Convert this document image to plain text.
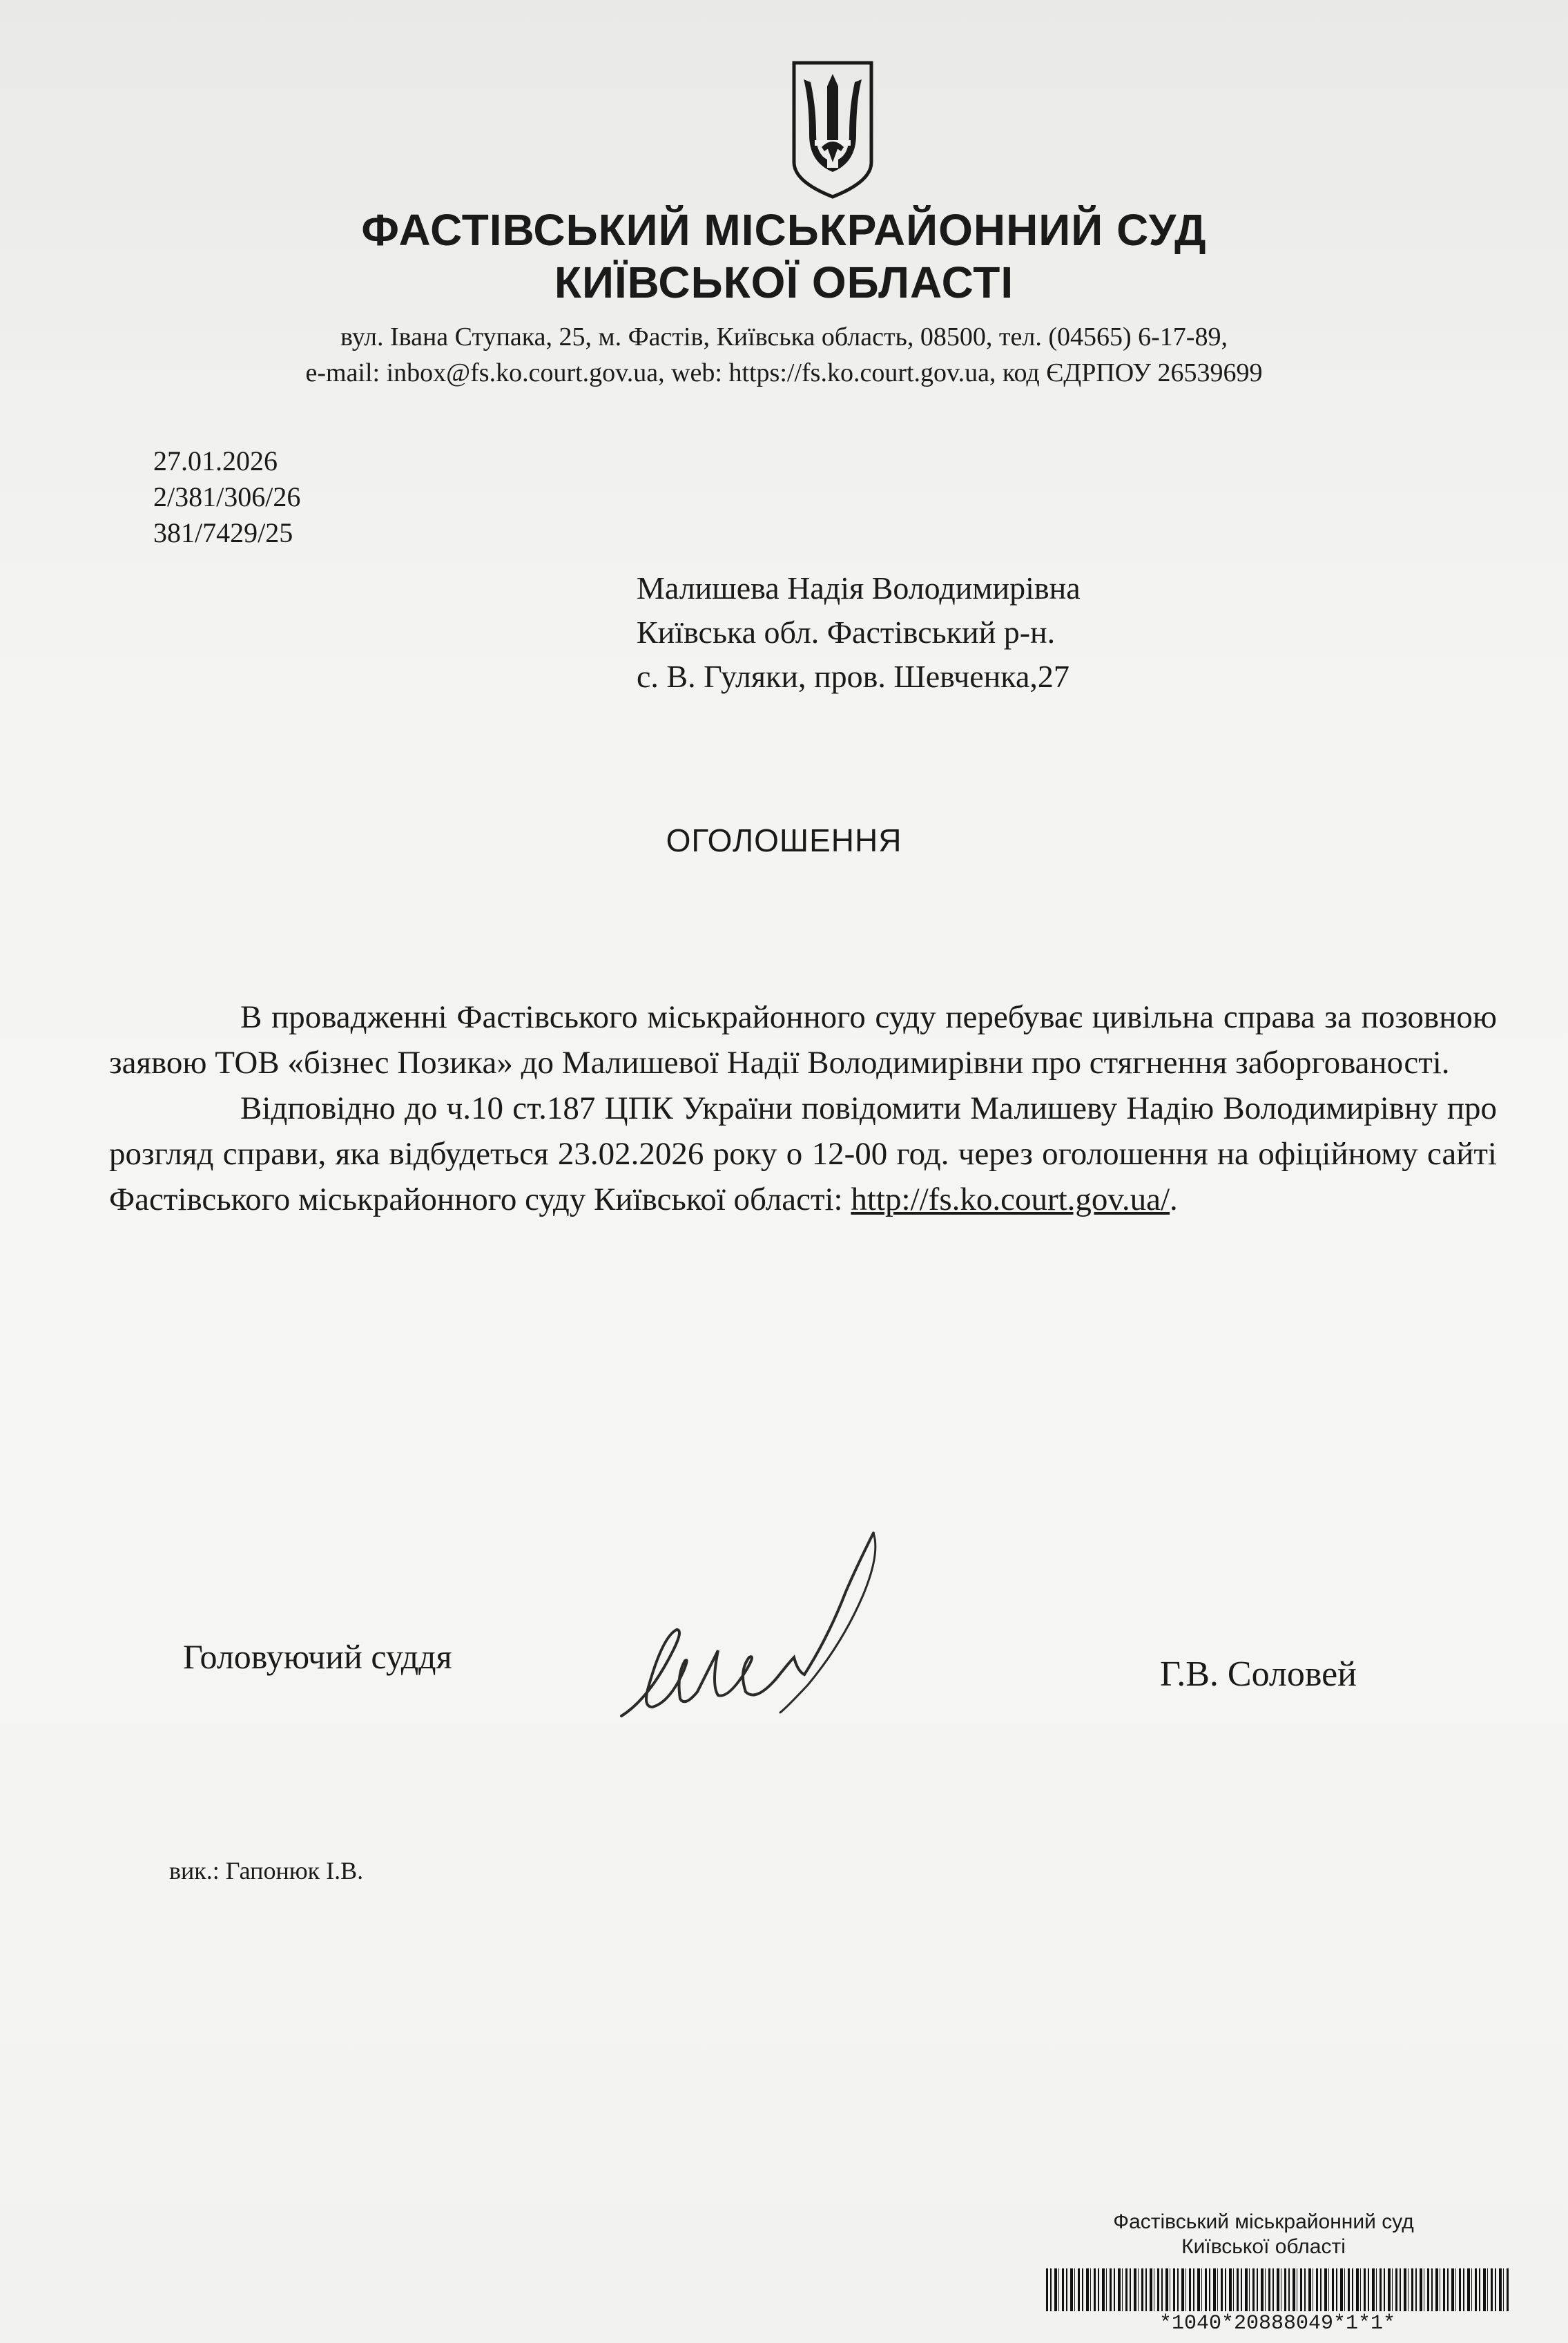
ФАСТІВСЬКИЙ МІСЬКРАЙОННИЙ СУД
КИЇВСЬКОЇ ОБЛАСТІ
вул. Івана Ступака, 25, м. Фастів, Київська область, 08500, тел. (04565) 6-17-89,
e-mail: inbox@fs.ko.court.gov.ua, web: https://fs.ko.court.gov.ua, код ЄДРПОУ 26539699
27.01.2026
2/381/306/26
381/7429/25
Малишева Надія Володимирівна
Київська обл. Фастівський р-н.
с. В. Гуляки, пров. Шевченка,27
ОГОЛОШЕННЯ

В провадженні Фастівського міськрайонного суду перебуває цивільна справа за позовною заявою ТОВ «бізнес Позика» до Малишевої Надії Володимирівни про стягнення заборгованості.

Відповідно до ч.10 ст.187 ЦПК України повідомити Малишеву Надію Володимирівну про розгляд справи, яка відбудеться 23.02.2026 року о 12-00 год. через оголошення на офіційному сайті Фастівського міськрайонного суду Київської області: http://fs.ko.court.gov.ua/.

Головуючий суддя	Г.В. Соловей
вик.: Гапонюк І.В.
Фастівський міськрайонний суд
Київської області
*1040*20888049*1*1*
